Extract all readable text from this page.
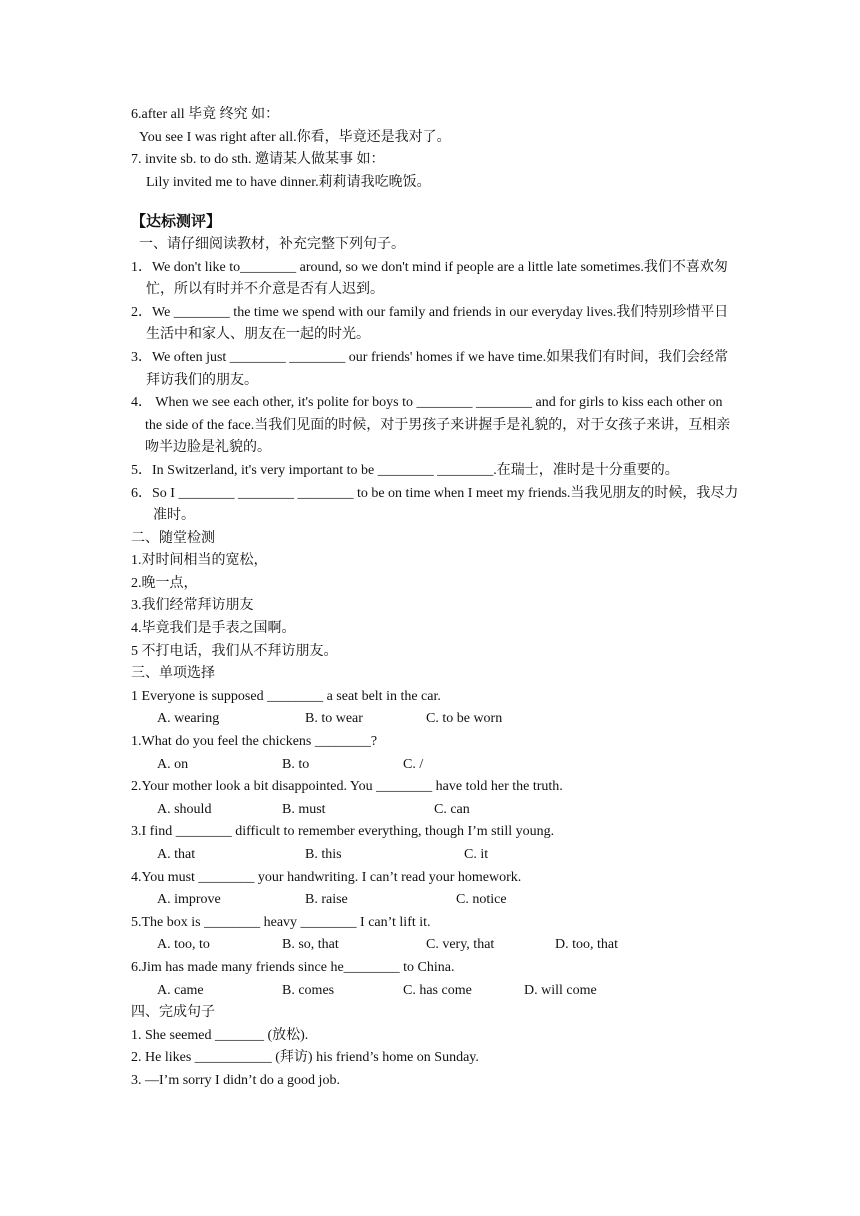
6.after all 毕竟 终究 如：
You see I was right after all.你看，毕竟还是我对了。
7. invite sb. to do sth. 邀请某人做某事 如：
Lily invited me to have dinner.莉莉请我吃晚饭。
【达标测评】
一、请仔细阅读教材，补充完整下列句子。
1．We don't like to________ around, so we don't mind if people are a little late sometimes.我们不喜欢匆忙，所以有时并不介意是否有人迟到。
2．We ________ the time we spend with our family and friends in our everyday lives.我们特别珍惜平日生活中和家人、朋友在一起的时光。
3．We often just ________ ________ our friends' homes if we have time.如果我们有时间，我们会经常拜访我们的朋友。
4． When we see each other, it's polite for boys to ________ ________ and for girls to kiss each other on the side of the face.当我们见面的时候，对于男孩子来讲握手是礼貌的，对于女孩子来讲，互相亲吻半边脸是礼貌的。
5．In Switzerland, it's very important to be ________ ________.在瑞士，准时是十分重要的。
6．So I ________ ________ ________ to be on time when I meet my friends.当我见朋友的时候，我尽力准时。
二、随堂检测
1.对时间相当的宽松，
2.晚一点，
3.我们经常拜访朋友
4.毕竟我们是手表之国啊。
5 不打电话，我们从不拜访朋友。
三、单项选择
1 Everyone is supposed ________ a seat belt in the car.
A. wearing	B. to wear	C. to be worn
1.What do you feel the chickens ________?
A. on	B. to	C. /
2.Your mother look a bit disappointed. You ________ have told her the truth.
A. should	B. must	C. can
3.I find ________ difficult to remember everything, though I’m still young.
A. that	B. this	C. it
4.You must ________ your handwriting. I can’t read your homework.
A. improve	B. raise	C. notice
5.The box is ________ heavy ________ I can’t lift it.
A. too, to	B. so, that	C. very, that	D. too, that
6.Jim has made many friends since he________ to China.
A. came	B. comes	C. has come	D. will come
四、完成句子
1. She seemed _______ (放松).
2. He likes ___________ (拜访) his friend’s home on Sunday.
3. —I’m sorry I didn’t do a good job.
